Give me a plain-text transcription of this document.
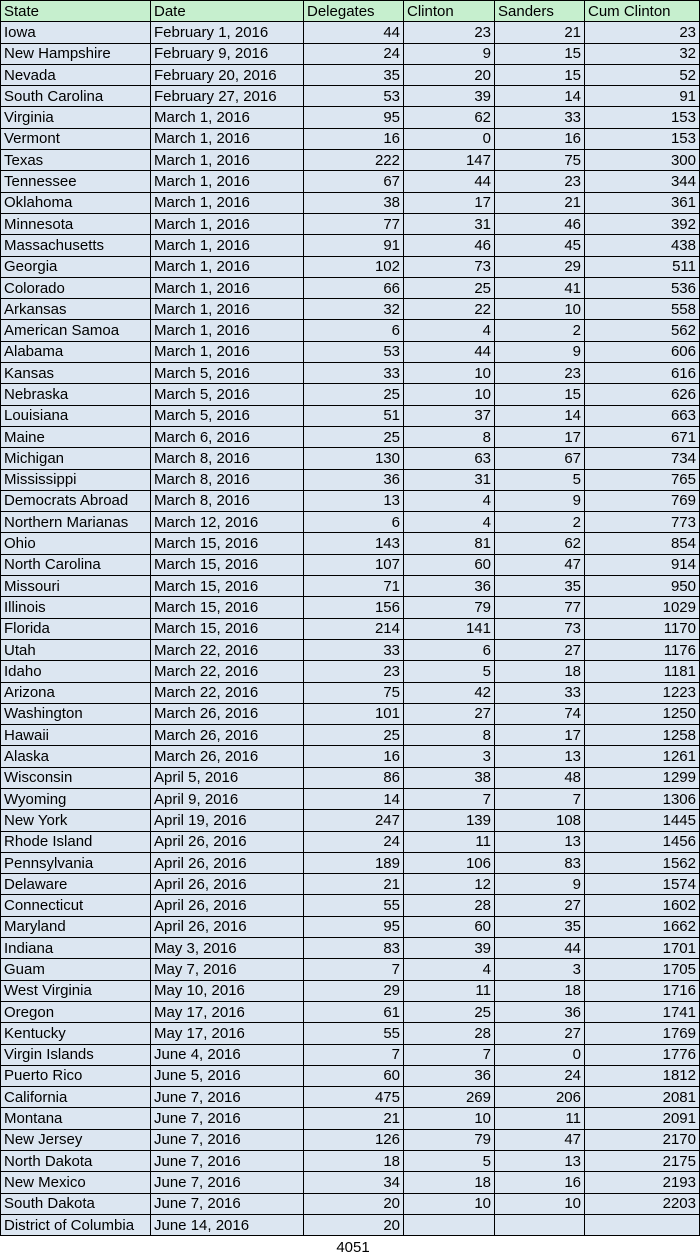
State	Date	Delegates	Clinton	Sanders	Cum Clinton
Iowa	February 1, 2016	44	23	21	23
New Hampshire	February 9, 2016	24	9	15	32
Nevada	February 20, 2016	35	20	15	52
South Carolina	February 27, 2016	53	39	14	91
Virginia	March 1, 2016	95	62	33	153
Vermont	March 1, 2016	16	0	16	153
Texas	March 1, 2016	222	147	75	300
Tennessee	March 1, 2016	67	44	23	344
Oklahoma	March 1, 2016	38	17	21	361
Minnesota	March 1, 2016	77	31	46	392
Massachusetts	March 1, 2016	91	46	45	438
Georgia	March 1, 2016	102	73	29	511
Colorado	March 1, 2016	66	25	41	536
Arkansas	March 1, 2016	32	22	10	558
American Samoa	March 1, 2016	6	4	2	562
Alabama	March 1, 2016	53	44	9	606
Kansas	March 5, 2016	33	10	23	616
Nebraska	March 5, 2016	25	10	15	626
Louisiana	March 5, 2016	51	37	14	663
Maine	March 6, 2016	25	8	17	671
Michigan	March 8, 2016	130	63	67	734
Mississippi	March 8, 2016	36	31	5	765
Democrats Abroad	March 8, 2016	13	4	9	769
Northern Marianas	March 12, 2016	6	4	2	773
Ohio	March 15, 2016	143	81	62	854
North Carolina	March 15, 2016	107	60	47	914
Missouri	March 15, 2016	71	36	35	950
Illinois	March 15, 2016	156	79	77	1029
Florida	March 15, 2016	214	141	73	1170
Utah	March 22, 2016	33	6	27	1176
Idaho	March 22, 2016	23	5	18	1181
Arizona	March 22, 2016	75	42	33	1223
Washington	March 26, 2016	101	27	74	1250
Hawaii	March 26, 2016	25	8	17	1258
Alaska	March 26, 2016	16	3	13	1261
Wisconsin	April 5, 2016	86	38	48	1299
Wyoming	April 9, 2016	14	7	7	1306
New York	April 19, 2016	247	139	108	1445
Rhode Island	April 26, 2016	24	11	13	1456
Pennsylvania	April 26, 2016	189	106	83	1562
Delaware	April 26, 2016	21	12	9	1574
Connecticut	April 26, 2016	55	28	27	1602
Maryland	April 26, 2016	95	60	35	1662
Indiana	May 3, 2016	83	39	44	1701
Guam	May 7, 2016	7	4	3	1705
West Virginia	May 10, 2016	29	11	18	1716
Oregon	May 17, 2016	61	25	36	1741
Kentucky	May 17, 2016	55	28	27	1769
Virgin Islands	June 4, 2016	7	7	0	1776
Puerto Rico	June 5, 2016	60	36	24	1812
California	June 7, 2016	475	269	206	2081
Montana	June 7, 2016	21	10	11	2091
New Jersey	June 7, 2016	126	79	47	2170
North Dakota	June 7, 2016	18	5	13	2175
New Mexico	June 7, 2016	34	18	16	2193
South Dakota	June 7, 2016	20	10	10	2203
District of Columbia	June 14, 2016	20			
4051
